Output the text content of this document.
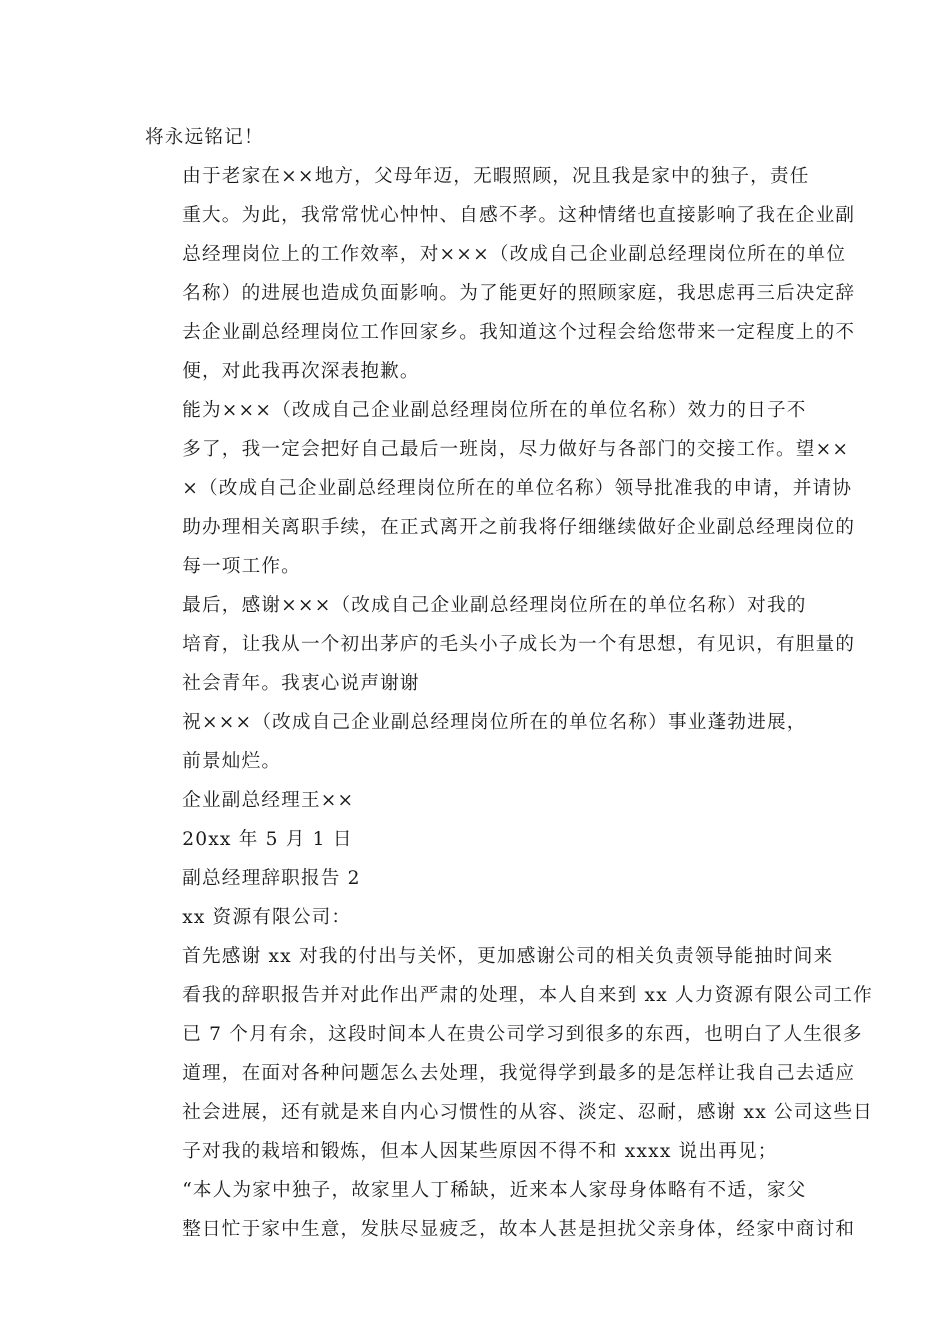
将永远铭记！
由于老家在××地方，父母年迈，无暇照顾，况且我是家中的独子，责任
重大。为此，我常常忧心忡忡、自感不孝。这种情绪也直接影响了我在企业副
总经理岗位上的工作效率，对×××（改成自己企业副总经理岗位所在的单位
名称）的进展也造成负面影响。为了能更好的照顾家庭，我思虑再三后决定辞
去企业副总经理岗位工作回家乡。我知道这个过程会给您带来一定程度上的不
便，对此我再次深表抱歉。
能为×××（改成自己企业副总经理岗位所在的单位名称）效力的日子不
多了，我一定会把好自己最后一班岗，尽力做好与各部门的交接工作。望××
×（改成自己企业副总经理岗位所在的单位名称）领导批准我的申请，并请协
助办理相关离职手续，在正式离开之前我将仔细继续做好企业副总经理岗位的
每一项工作。
最后，感谢×××（改成自己企业副总经理岗位所在的单位名称）对我的
培育，让我从一个初出茅庐的毛头小子成长为一个有思想，有见识，有胆量的
社会青年。我衷心说声谢谢
祝×××（改成自己企业副总经理岗位所在的单位名称）事业蓬勃进展，
前景灿烂。
企业副总经理王××
20xx 年 5 月 1 日
副总经理辞职报告 2
xx 资源有限公司：
首先感谢 xx 对我的付出与关怀，更加感谢公司的相关负责领导能抽时间来
看我的辞职报告并对此作出严肃的处理，本人自来到 xx 人力资源有限公司工作
已 7 个月有余，这段时间本人在贵公司学习到很多的东西，也明白了人生很多
道理，在面对各种问题怎么去处理，我觉得学到最多的是怎样让我自己去适应
社会进展，还有就是来自内心习惯性的从容、淡定、忍耐，感谢 xx 公司这些日
子对我的栽培和锻炼，但本人因某些原因不得不和 xxxx 说出再见；
“本人为家中独子，故家里人丁稀缺，近来本人家母身体略有不适，家父
整日忙于家中生意，发肤尽显疲乏，故本人甚是担扰父亲身体，经家中商讨和
